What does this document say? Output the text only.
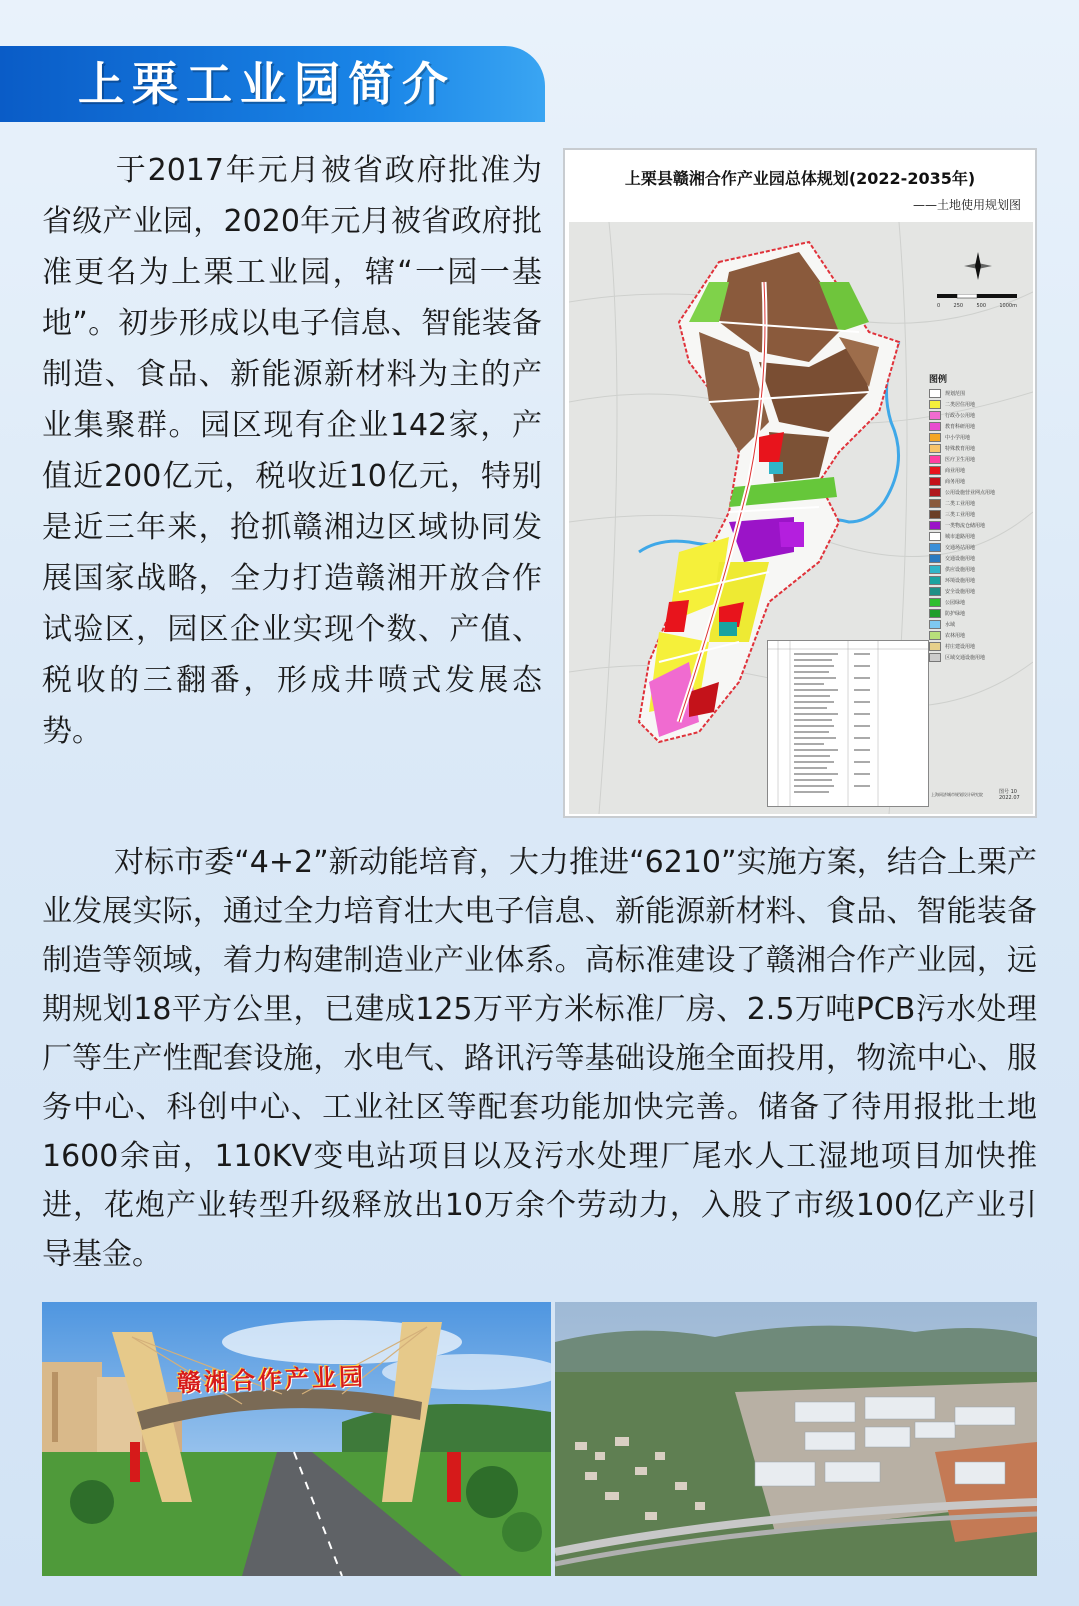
上栗工业园简介

于2017年元月被省政府批准为省级产业园，2020年元月被省政府批准更名为上栗工业园，辖“一园一基地”。初步形成以电子信息、智能装备制造、食品、新能源新材料为主的产业集聚群。园区现有企业142家，产值近200亿元，税收近10亿元，特别是近三年来，抢抓赣湘边区域协同发展国家战略，全力打造赣湘开放合作试验区，园区企业实现个数、产值、税收的三翻番，形成井喷式发展态势。

上栗县赣湘合作产业园总体规划(2022-2035年)
——土地使用规划图
0	250	500	1000m
图例
规划范围
二类居住用地
行政办公用地
教育科研用地
中小学用地
特殊教育用地
医疗卫生用地
商业用地
商务用地
公用设施营业网点用地
二类工业用地
三类工业用地
一类物流仓储用地
城市道路用地
交通场站用地
交通设施用地
供应设施用地
环境设施用地
安全设施用地
公园绿地
防护绿地
水域
农林用地
村庄建设用地
区域交通设施用地
上海同济城市规划设计研究院	图号 10
2022.07

对标市委“4+2”新动能培育，大力推进“6210”实施方案，结合上栗产业发展实际，通过全力培育壮大电子信息、新能源新材料、食品、智能装备制造等领域，着力构建制造业产业体系。高标准建设了赣湘合作产业园，远期规划18平方公里，已建成125万平方米标准厂房、2.5万吨PCB污水处理厂等生产性配套设施，水电气、路讯污等基础设施全面投用，物流中心、服务中心、科创中心、工业社区等配套功能加快完善。储备了待用报批土地1600余亩，110KV变电站项目以及污水处理厂尾水人工湿地项目加快推进，花炮产业转型升级释放出10万余个劳动力，入股了市级100亿产业引导基金。

赣湘合作产业园
